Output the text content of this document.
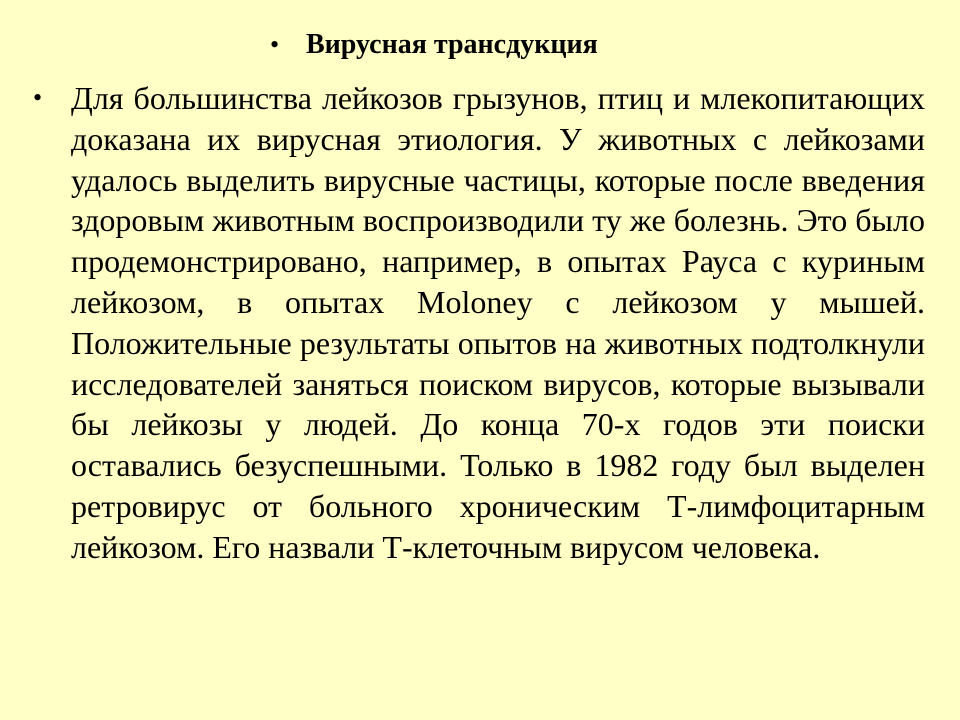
• Вирусная трансдукция
• Для большинства лейкозов грызунов, птиц и млекопитающих доказана их вирусная этиология. У животных с лейкозами удалось выделить вирусные частицы, которые после введения здоровым животным воспроизводили ту же болезнь. Это было продемонстрировано, например, в опытах Рауса с куриным лейкозом, в опытах Moloney с лейкозом у мышей. Положительные результаты опытов на животных подтолкнули исследователей заняться поиском вирусов, которые вызывали бы лейкозы у людей. До конца 70-х годов эти поиски оставались безуспешными. Только в 1982 году был выделен ретровирус от больного хроническим Т-лимфоцитарным лейкозом. Его назвали Т-клеточным вирусом человека.
